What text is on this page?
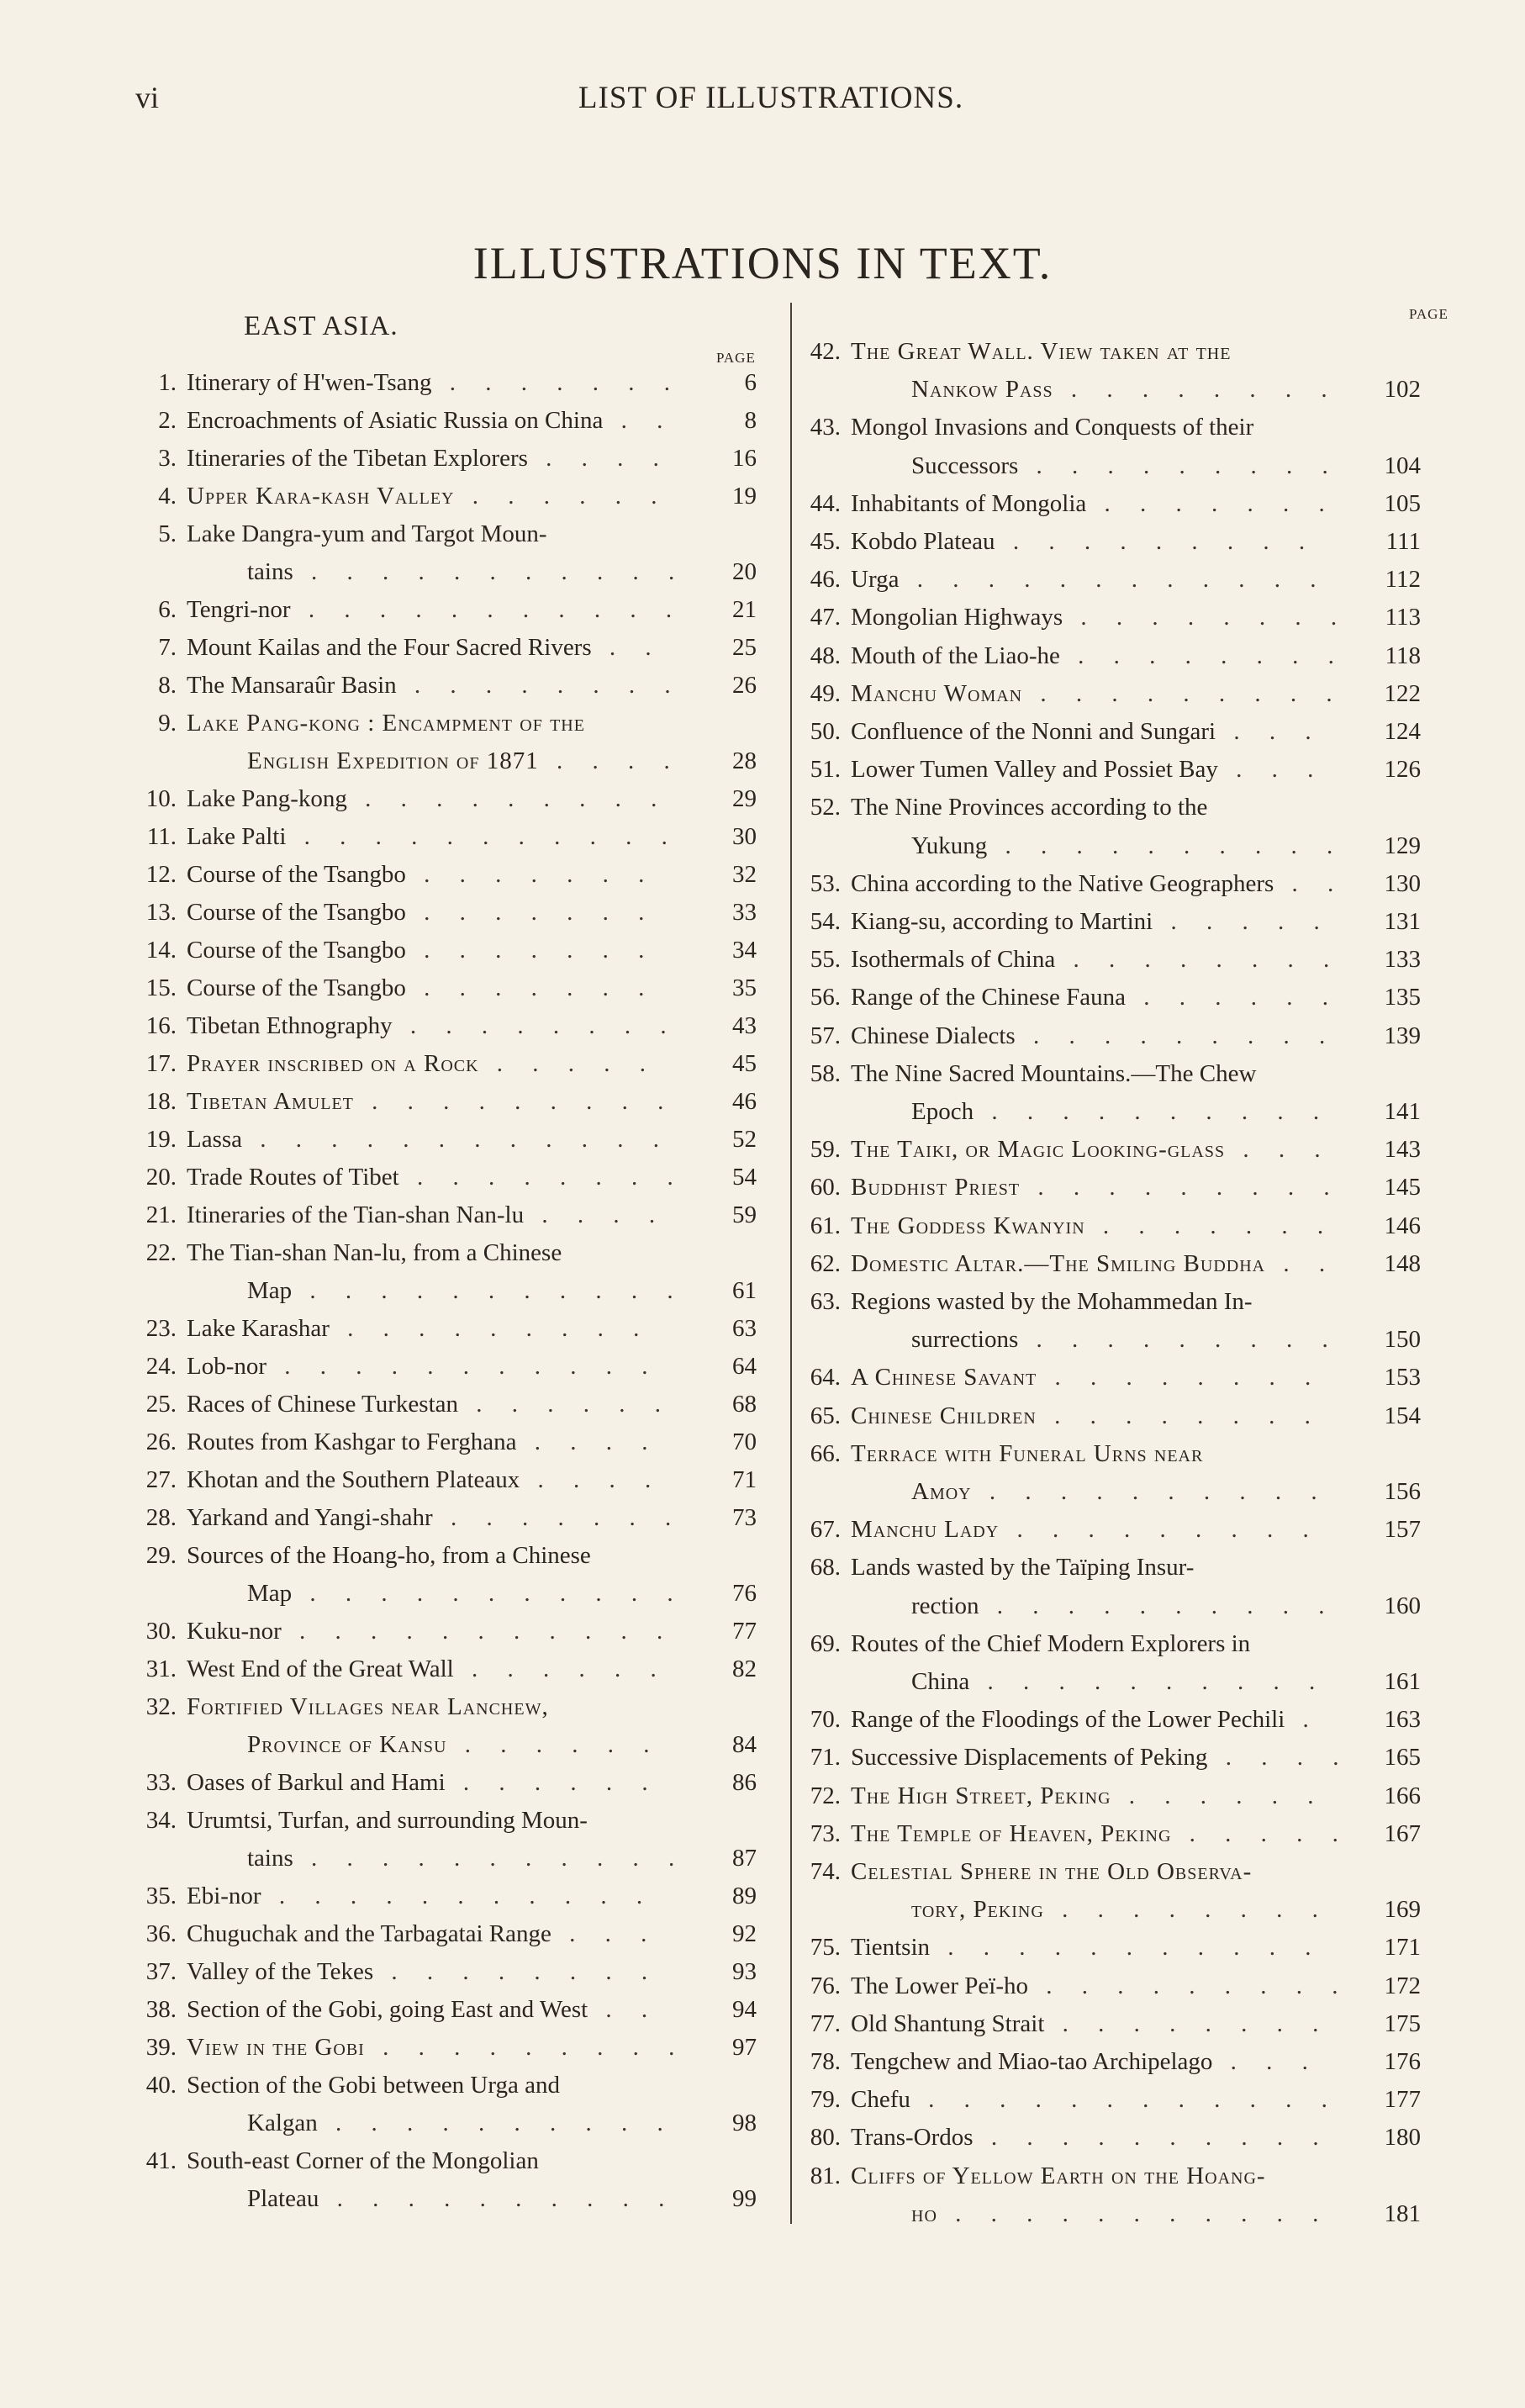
vi	LIST OF ILLUSTRATIONS.
ILLUSTRATIONS IN TEXT.
EAST ASIA.
PAGE
PAGE
1. Itinerary of H'wen-Tsang . . . . . . .	6
2. Encroachments of Asiatic Russia on China . .	8
3. Itineraries of the Tibetan Explorers . . . .	16
4. Upper Kara-kash Valley . . . . . .	19
5. Lake Dangra-yum and Targot Moun-
tains . . . . . . . . . . .	20
6. Tengri-nor . . . . . . . . . . .	21
7. Mount Kailas and the Four Sacred Rivers . .	25
8. The Mansaraûr Basin . . . . . . . .	26
9. Lake Pang-kong : Encampment of the
English Expedition of 1871 . . . .	28
10. Lake Pang-kong . . . . . . . . .	29
11. Lake Palti . . . . . . . . . . .	30
12. Course of the Tsangbo . . . . . . .	32
13. Course of the Tsangbo . . . . . . .	33
14. Course of the Tsangbo . . . . . . .	34
15. Course of the Tsangbo . . . . . . .	35
16. Tibetan Ethnography . . . . . . . .	43
17. Prayer inscribed on a Rock . . . . .	45
18. Tibetan Amulet . . . . . . . . .	46
19. Lassa . . . . . . . . . . . .	52
20. Trade Routes of Tibet . . . . . . . .	54
21. Itineraries of the Tian-shan Nan-lu . . . .	59
22. The Tian-shan Nan-lu, from a Chinese
Map . . . . . . . . . . .	61
23. Lake Karashar . . . . . . . . .	63
24. Lob-nor . . . . . . . . . . .	64
25. Races of Chinese Turkestan . . . . . .	68
26. Routes from Kashgar to Ferghana . . . .	70
27. Khotan and the Southern Plateaux . . . .	71
28. Yarkand and Yangi-shahr . . . . . . .	73
29. Sources of the Hoang-ho, from a Chinese
Map . . . . . . . . . . .	76
30. Kuku-nor . . . . . . . . . . .	77
31. West End of the Great Wall . . . . . .	82
32. Fortified Villages near Lanchew,
Province of Kansu . . . . . .	84
33. Oases of Barkul and Hami . . . . . .	86
34. Urumtsi, Turfan, and surrounding Moun-
tains . . . . . . . . . . .	87
35. Ebi-nor . . . . . . . . . . .	89
36. Chuguchak and the Tarbagatai Range . . .	92
37. Valley of the Tekes . . . . . . . .	93
38. Section of the Gobi, going East and West . .	94
39. View in the Gobi . . . . . . . . .	97
40. Section of the Gobi between Urga and
Kalgan . . . . . . . . . .	98
41. South-east Corner of the Mongolian
Plateau . . . . . . . . . .	99
42. The Great Wall. View taken at the
Nankow Pass . . . . . . . .	102
43. Mongol Invasions and Conquests of their
Successors . . . . . . . . .	104
44. Inhabitants of Mongolia . . . . . . .	105
45. Kobdo Plateau . . . . . . . . .	111
46. Urga . . . . . . . . . . . .	112
47. Mongolian Highways . . . . . . . .	113
48. Mouth of the Liao-he . . . . . . . .	118
49. Manchu Woman . . . . . . . . .	122
50. Confluence of the Nonni and Sungari . . .	124
51. Lower Tumen Valley and Possiet Bay . . .	126
52. The Nine Provinces according to the
Yukung . . . . . . . . . .	129
53. China according to the Native Geographers . .	130
54. Kiang-su, according to Martini . . . . .	131
55. Isothermals of China . . . . . . . .	133
56. Range of the Chinese Fauna . . . . . .	135
57. Chinese Dialects . . . . . . . . .	139
58. The Nine Sacred Mountains.—The Chew
Epoch . . . . . . . . . .	141
59. The Taiki, or Magic Looking-glass . . .	143
60. Buddhist Priest . . . . . . . . .	145
61. The Goddess Kwanyin . . . . . . .	146
62. Domestic Altar.—The Smiling Buddha . .	148
63. Regions wasted by the Mohammedan In-
surrections . . . . . . . . .	150
64. A Chinese Savant . . . . . . . .	153
65. Chinese Children . . . . . . . .	154
66. Terrace with Funeral Urns near
Amoy . . . . . . . . . .	156
67. Manchu Lady . . . . . . . . .	157
68. Lands wasted by the Taïping Insur-
rection . . . . . . . . . .	160
69. Routes of the Chief Modern Explorers in
China . . . . . . . . . .	161
70. Range of the Floodings of the Lower Pechili .	163
71. Successive Displacements of Peking . . . .	165
72. The High Street, Peking . . . . . .	166
73. The Temple of Heaven, Peking . . . . .	167
74. Celestial Sphere in the Old Observa-
tory, Peking . . . . . . . .	169
75. Tientsin . . . . . . . . . . .	171
76. The Lower Peï-ho . . . . . . . . .	172
77. Old Shantung Strait . . . . . . . .	175
78. Tengchew and Miao-tao Archipelago . . .	176
79. Chefu . . . . . . . . . . . .	177
80. Trans-Ordos . . . . . . . . . .	180
81. Cliffs of Yellow Earth on the Hoang-
ho . . . . . . . . . . .	181
